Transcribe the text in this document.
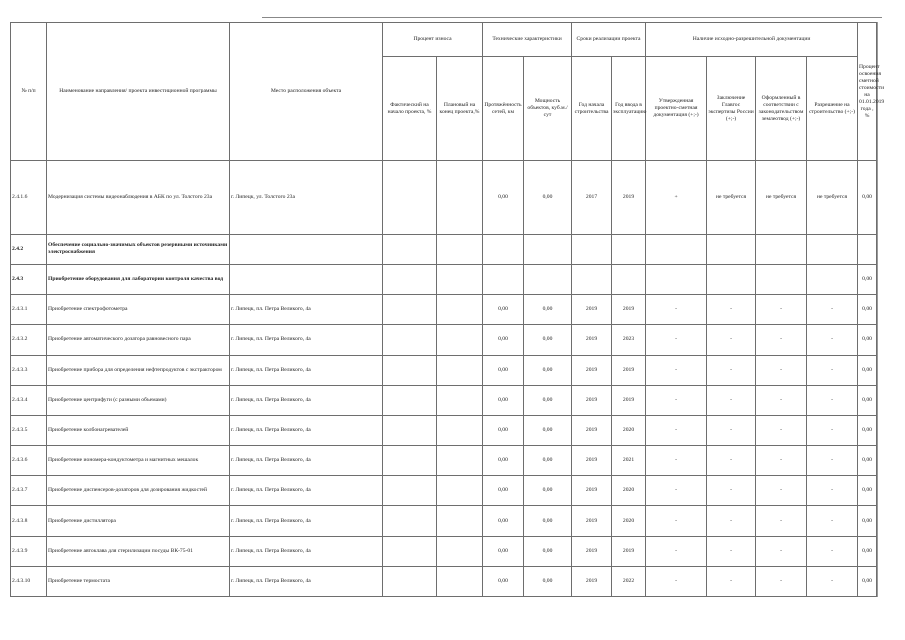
№ п/п	Наименование направления/ проекта инвестиционной программы	Место расположения объекта	Процент износа		Технические характеристики		Сроки реализации проекта		Наличие исходно-разрешительной документации				Процент освоения сметной стоимости на 01.01.2019 года , %
			Фактический на начало проекта, %	Плановый на конец проекта,%	Протяжённость сетей, км	Мощность объектов, куб.м./сут	Год начала строительства	Год ввода в эксплуатацию	Утвержденная проектно-сметная документация (+;-)	Заключение Главгос экспертизы России (+;-)	Оформленный в соответствии с законодательством землеотвод (+;-)	Разрешение на строительство (+;-)	
2.4.1.6	Модернизация системы видеонаблюдения в АБК по ул. Толстого 23а	г. Липецк, ул. Толстого 23а			0,00	0,00	2017	2019	+	не требуется	не требуется	не требуется	0,00
2.4.2	Обеспечение социально-значимых объектов резервными источниками электроснабжения												
2.4.3	Приобретение оборудования для лаборатории контроля качества вод												0,00
2.4.3.1	Приобретение спектрофотометра	г. Липецк, пл. Петра Великого, 4а			0,00	0,00	2019	2019	-	-	-	-	0,00
2.4.3.2	Приобретение автоматического дозатора равновесного пара	г. Липецк, пл. Петра Великого, 4а			0,00	0,00	2019	2023	-	-	-	-	0,00
2.4.3.3	Приобретение прибора для определения нефтепродуктов с экстрактором	г. Липецк, пл. Петра Великого, 4а			0,00	0,00	2019	2019	-	-	-	-	0,00
2.4.3.4	Приобретение центрифуги (с разными объемами)	г. Липецк, пл. Петра Великого, 4а			0,00	0,00	2019	2019	-	-	-	-	0,00
2.4.3.5	Приобретение колбонагревателей	г. Липецк, пл. Петра Великого, 4а			0,00	0,00	2019	2020	-	-	-	-	0,00
2.4.3.6	Приобретение иономера-кондуктометра и магнитных мешалок	г. Липецк, пл. Петра Великого, 4а			0,00	0,00	2019	2021	-	-	-	-	0,00
2.4.3.7	Приобретение диспенсеров-дозаторов для дозирования жидкостей	г. Липецк, пл. Петра Великого, 4а			0,00	0,00	2019	2020	-	-	-	-	0,00
2.4.3.8	Приобретение дистиллятора	г. Липецк, пл. Петра Великого, 4а			0,00	0,00	2019	2020	-	-	-	-	0,00
2.4.3.9	Приобретение автоклава для стерилизации посуды ВК-75-01	г. Липецк, пл. Петра Великого, 4а			0,00	0,00	2019	2019	-	-	-	-	0,00
2.4.3.10	Приобретение термостата	г. Липецк, пл. Петра Великого, 4а			0,00	0,00	2019	2022	-	-	-	-	0,00
